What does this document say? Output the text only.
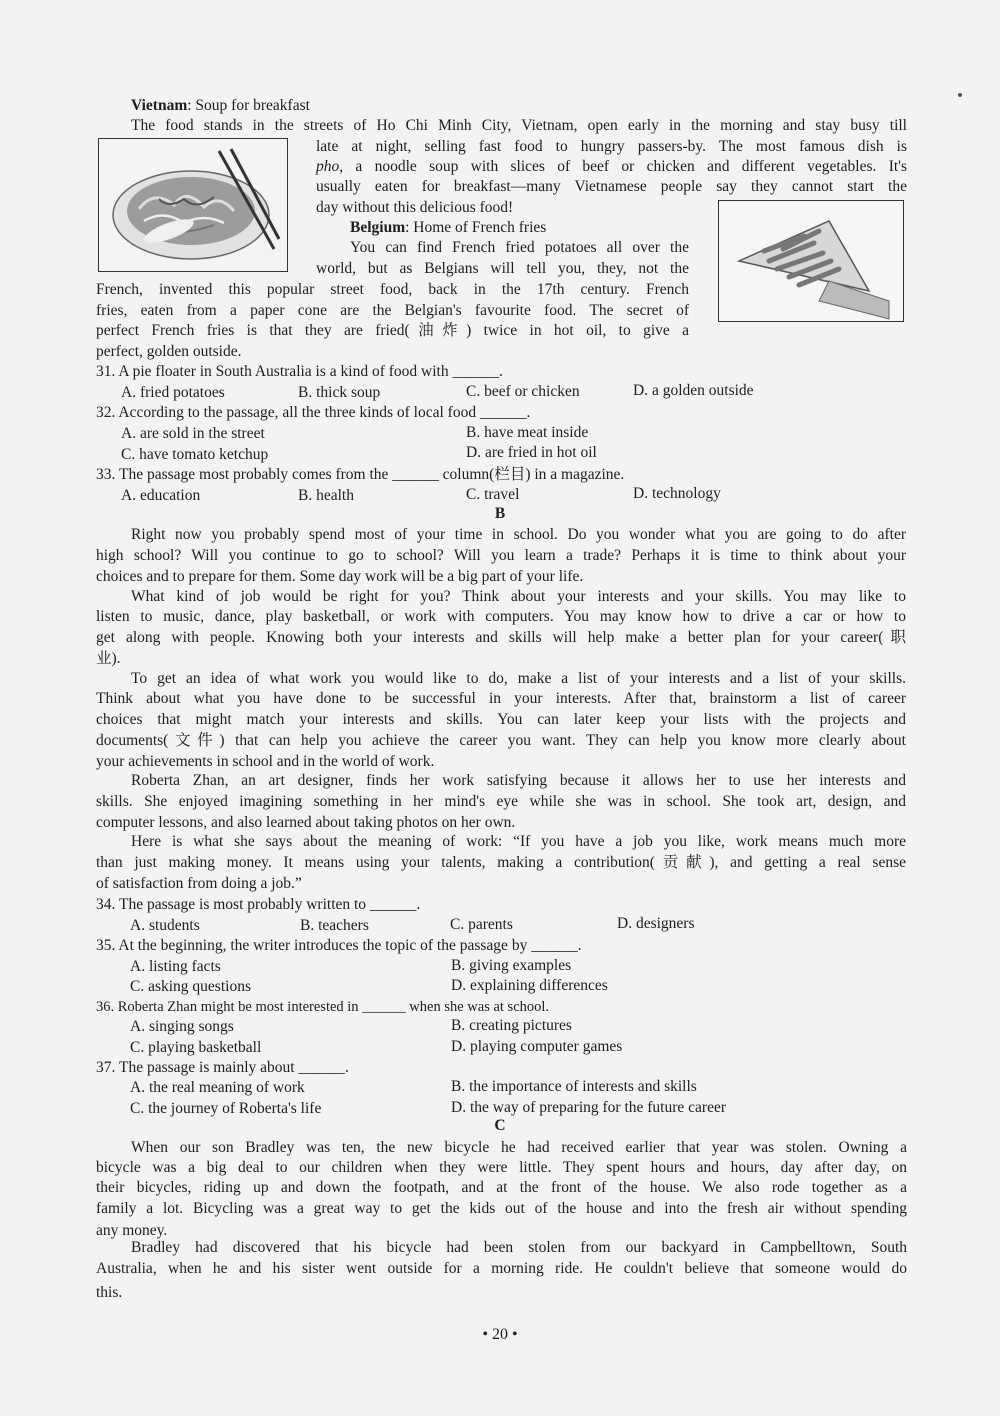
Vietnam: Soup for breakfast
The food stands in the streets of Ho Chi Minh City, Vietnam, open early in the morning and stay busy till
late at night, selling fast food to hungry passers-by. The most famous dish is
pho, a noodle soup with slices of beef or chicken and different vegetables. It's
usually eaten for breakfast—many Vietnamese people say they cannot start the
day without this delicious food!
Belgium: Home of French fries
You can find French fried potatoes all over the
world, but as Belgians will tell you, they, not the
French, invented this popular street food, back in the 17th century. French
fries, eaten from a paper cone are the Belgian's favourite food. The secret of
perfect French fries is that they are fried(油炸) twice in hot oil, to give a
perfect, golden outside.
31. A pie floater in South Australia is a kind of food with ______.
A. fried potatoes	B. thick soup	C. beef or chicken	D. a golden outside
32. According to the passage, all the three kinds of local food ______.
A. are sold in the street	B. have meat inside
C. have tomato ketchup	D. are fried in hot oil
33. The passage most probably comes from the ______ column(栏目) in a magazine.
A. education	B. health	C. travel	D. technology
B
Right now you probably spend most of your time in school. Do you wonder what you are going to do after
high school? Will you continue to go to school? Will you learn a trade? Perhaps it is time to think about your
choices and to prepare for them. Some day work will be a big part of your life.
What kind of job would be right for you? Think about your interests and your skills. You may like to
listen to music, dance, play basketball, or work with computers. You may know how to drive a car or how to
get along with people. Knowing both your interests and skills will help make a better plan for your career(职
业).
To get an idea of what work you would like to do, make a list of your interests and a list of your skills.
Think about what you have done to be successful in your interests. After that, brainstorm a list of career
choices that might match your interests and skills. You can later keep your lists with the projects and
documents(文件) that can help you achieve the career you want. They can help you know more clearly about
your achievements in school and in the world of work.
Roberta Zhan, an art designer, finds her work satisfying because it allows her to use her interests and
skills. She enjoyed imagining something in her mind's eye while she was in school. She took art, design, and
computer lessons, and also learned about taking photos on her own.
Here is what she says about the meaning of work: “If you have a job you like, work means much more
than just making money. It means using your talents, making a contribution(贡献), and getting a real sense
of satisfaction from doing a job.”
34. The passage is most probably written to ______.
A. students	B. teachers	C. parents	D. designers
35. At the beginning, the writer introduces the topic of the passage by ______.
A. listing facts	B. giving examples
C. asking questions	D. explaining differences
36. Roberta Zhan might be most interested in ______ when she was at school.
A. singing songs	B. creating pictures
C. playing basketball	D. playing computer games
37. The passage is mainly about ______.
A. the real meaning of work	B. the importance of interests and skills
C. the journey of Roberta's life	D. the way of preparing for the future career
C
When our son Bradley was ten, the new bicycle he had received earlier that year was stolen. Owning a
bicycle was a big deal to our children when they were little. They spent hours and hours, day after day, on
their bicycles, riding up and down the footpath, and at the front of the house. We also rode together as a
family a lot. Bicycling was a great way to get the kids out of the house and into the fresh air without spending
any money.
Bradley had discovered that his bicycle had been stolen from our backyard in Campbelltown, South
Australia, when he and his sister went outside for a morning ride. He couldn't believe that someone would do
this.
• 20 •
